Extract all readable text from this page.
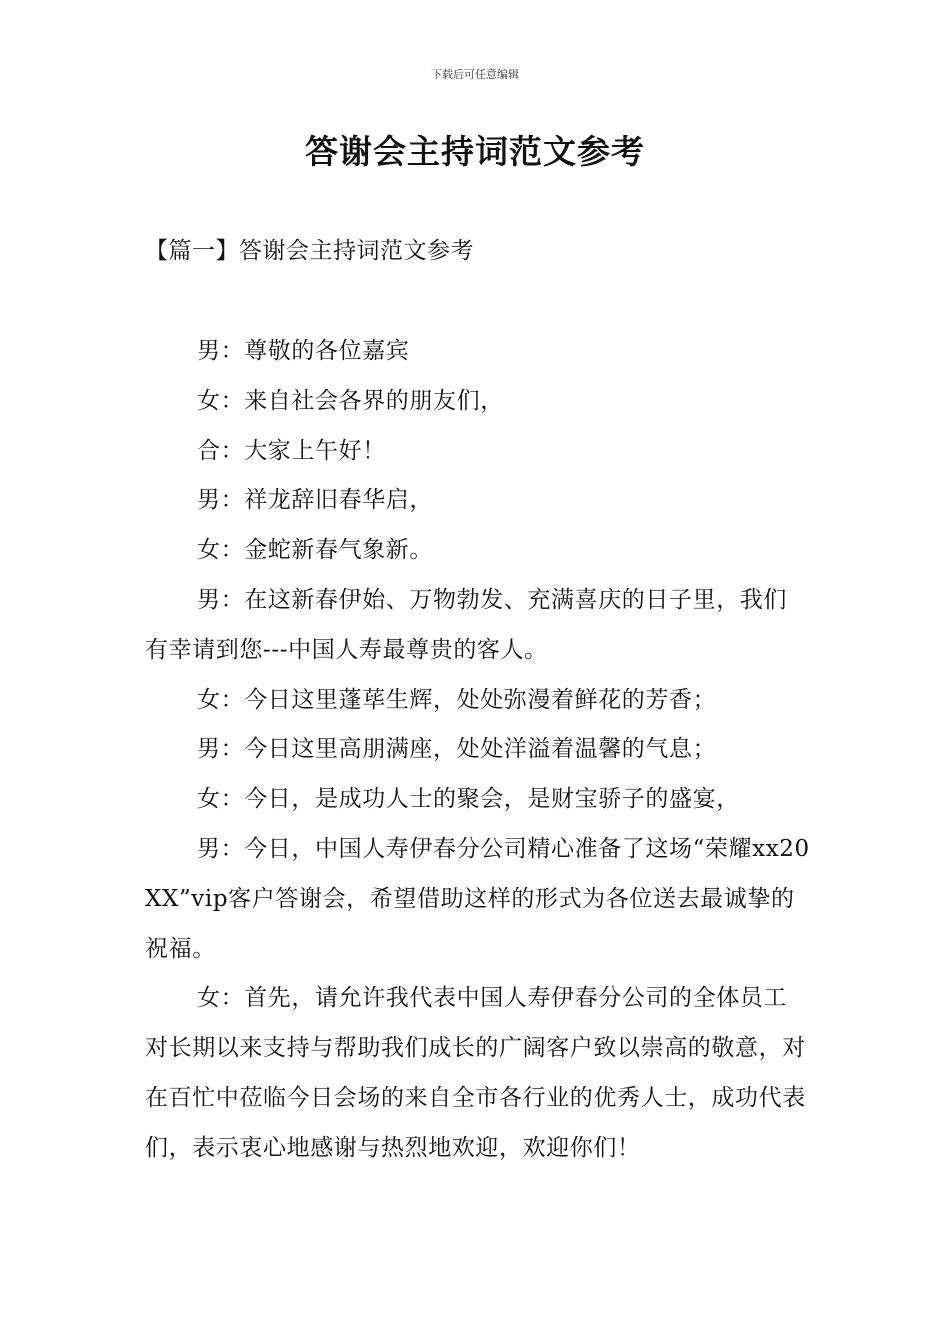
下载后可任意编辑
答谢会主持词范文参考
【篇一】答谢会主持词范文参考

男：尊敬的各位嘉宾

女：来自社会各界的朋友们，

合：大家上午好！

男：祥龙辞旧春华启，

女：金蛇新春气象新。

男：在这新春伊始、万物勃发、充满喜庆的日子里，我们有幸请到您---中国人寿最尊贵的客人。

女：今日这里蓬荜生辉，处处弥漫着鲜花的芳香；

男：今日这里高朋满座，处处洋溢着温馨的气息；

女：今日，是成功人士的聚会，是财宝骄子的盛宴，

男：今日，中国人寿伊春分公司精心准备了这场“荣耀xx20XX”vip客户答谢会，希望借助这样的形式为各位送去最诚挚的祝福。

女：首先，请允许我代表中国人寿伊春分公司的全体员工对长期以来支持与帮助我们成长的广阔客户致以崇高的敬意，对在百忙中莅临今日会场的来自全市各行业的优秀人士，成功代表们，表示衷心地感谢与热烈地欢迎，欢迎你们！
